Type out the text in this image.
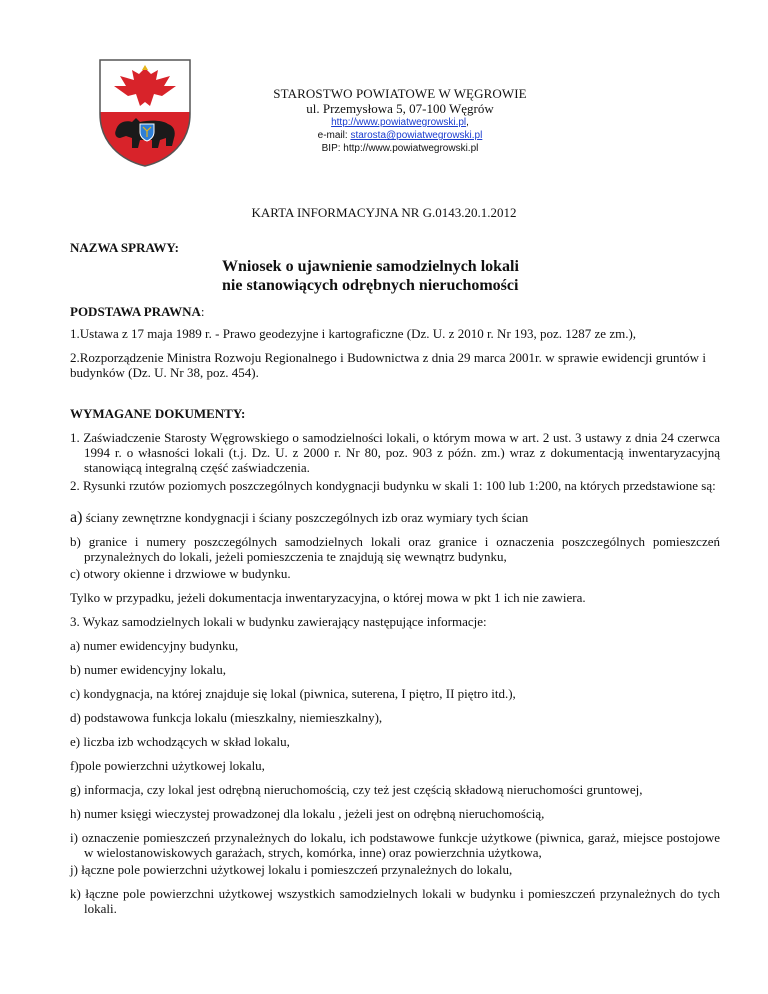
STAROSTWO POWIATOWE W WĘGROWIE
ul. Przemysłowa 5, 07-100 Węgrów
http://www.powiatwegrowski.pl,
e-mail: starosta@powiatwegrowski.pl
BIP: http://www.powiatwegrowski.pl
KARTA INFORMACYJNA NR G.0143.20.1.2012
NAZWA SPRAWY:
Wniosek o ujawnienie samodzielnych lokali
nie stanowiących odrębnych nieruchomości
PODSTAWA PRAWNA:
1.Ustawa z 17 maja 1989 r. - Prawo geodezyjne i kartograficzne (Dz. U. z 2010 r. Nr 193, poz. 1287 ze zm.),
2.Rozporządzenie Ministra Rozwoju Regionalnego i Budownictwa z dnia 29 marca 2001r. w sprawie ewidencji gruntów i budynków (Dz. U. Nr 38, poz. 454).
WYMAGANE DOKUMENTY:
1. Zaświadczenie Starosty Węgrowskiego o samodzielności lokali, o którym mowa w art. 2 ust. 3 ustawy z dnia 24 czerwca 1994 r. o własności lokali (t.j. Dz. U. z 2000 r. Nr 80, poz. 903 z późn. zm.) wraz z dokumentacją inwentaryzacyjną stanowiącą integralną część zaświadczenia.
2. Rysunki rzutów poziomych poszczególnych kondygnacji budynku w skali 1: 100 lub 1:200, na których przedstawione są:
a) ściany zewnętrzne kondygnacji i ściany poszczególnych izb oraz wymiary tych ścian
b) granice i numery poszczególnych samodzielnych lokali oraz granice i oznaczenia poszczególnych pomieszczeń przynależnych do lokali, jeżeli pomieszczenia te znajdują się wewnątrz budynku,
c) otwory okienne i drzwiowe w budynku.
Tylko w przypadku, jeżeli dokumentacja inwentaryzacyjna, o której mowa w pkt 1 ich nie zawiera.
3. Wykaz samodzielnych lokali w budynku zawierający następujące informacje:
a) numer ewidencyjny budynku,
b) numer ewidencyjny lokalu,
c) kondygnacja, na której znajduje się lokal (piwnica, suterena, I piętro, II piętro itd.),
d) podstawowa funkcja lokalu (mieszkalny, niemieszkalny),
e) liczba izb wchodzących w skład lokalu,
f)pole powierzchni użytkowej lokalu,
g) informacja, czy lokal jest odrębną nieruchomością, czy też jest częścią składową nieruchomości gruntowej,
h) numer księgi wieczystej prowadzonej dla lokalu , jeżeli jest on odrębną nieruchomością,
i) oznaczenie pomieszczeń przynależnych do lokalu, ich podstawowe funkcje użytkowe (piwnica, garaż, miejsce postojowe w wielostanowiskowych garażach, strych, komórka, inne) oraz powierzchnia użytkowa,
j) łączne pole powierzchni użytkowej lokalu i pomieszczeń przynależnych do lokalu,
k) łączne pole powierzchni użytkowej wszystkich samodzielnych lokali w budynku i pomieszczeń przynależnych do tych lokali.
